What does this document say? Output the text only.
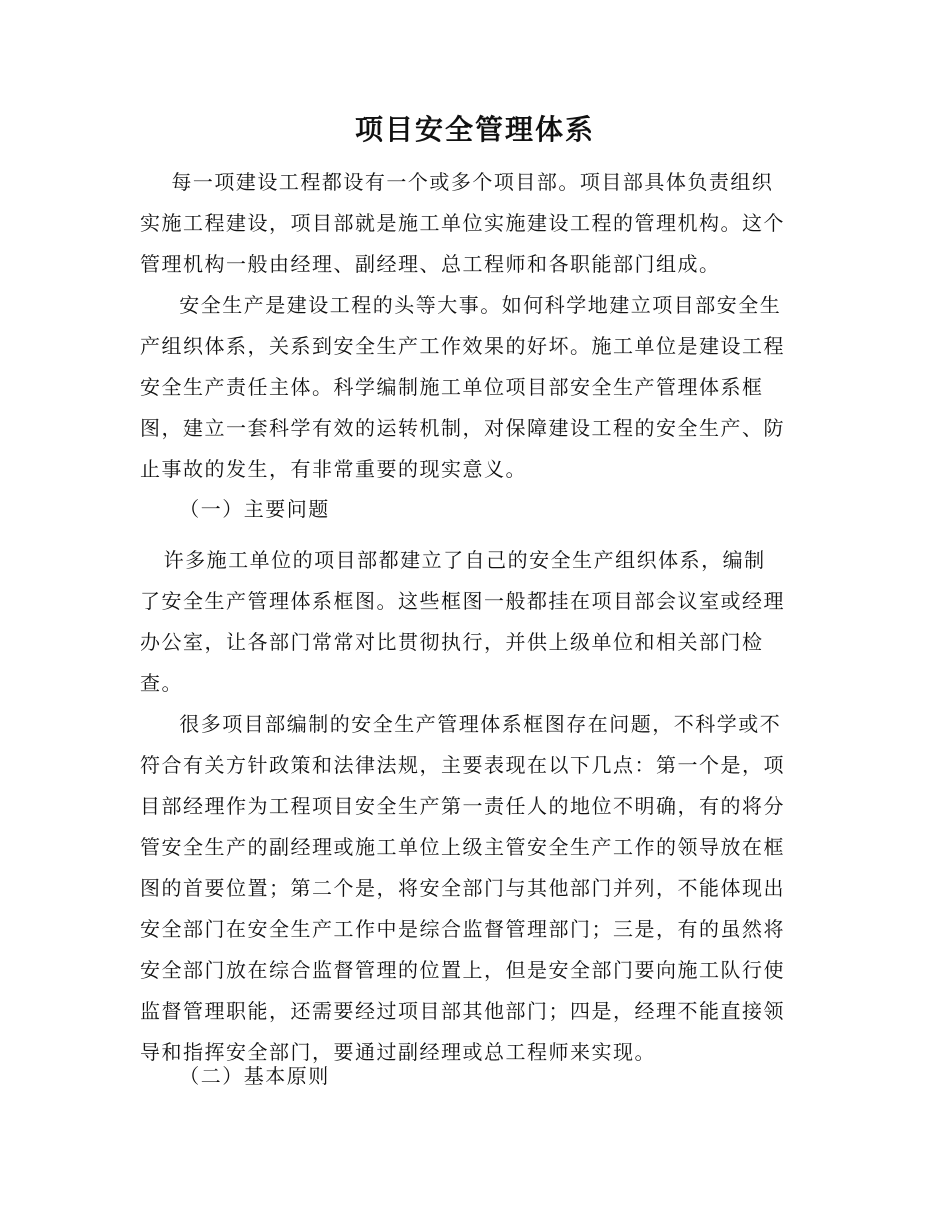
项目安全管理体系
每一项建设工程都设有一个或多个项目部。项目部具体负责组织
实施工程建设，项目部就是施工单位实施建设工程的管理机构。这个
管理机构一般由经理、副经理、总工程师和各职能部门组成。
安全生产是建设工程的头等大事。如何科学地建立项目部安全生
产组织体系，关系到安全生产工作效果的好坏。施工单位是建设工程
安全生产责任主体。科学编制施工单位项目部安全生产管理体系框
图，建立一套科学有效的运转机制，对保障建设工程的安全生产、防
止事故的发生，有非常重要的现实意义。
（一）主要问题
许多施工单位的项目部都建立了自己的安全生产组织体系，编制
了安全生产管理体系框图。这些框图一般都挂在项目部会议室或经理
办公室，让各部门常常对比贯彻执行，并供上级单位和相关部门检
查。
很多项目部编制的安全生产管理体系框图存在问题，不科学或不
符合有关方针政策和法律法规，主要表现在以下几点：第一个是，项
目部经理作为工程项目安全生产第一责任人的地位不明确，有的将分
管安全生产的副经理或施工单位上级主管安全生产工作的领导放在框
图的首要位置；第二个是，将安全部门与其他部门并列，不能体现出
安全部门在安全生产工作中是综合监督管理部门；三是，有的虽然将
安全部门放在综合监督管理的位置上，但是安全部门要向施工队行使
监督管理职能，还需要经过项目部其他部门；四是，经理不能直接领
导和指挥安全部门，要通过副经理或总工程师来实现。
（二）基本原则
